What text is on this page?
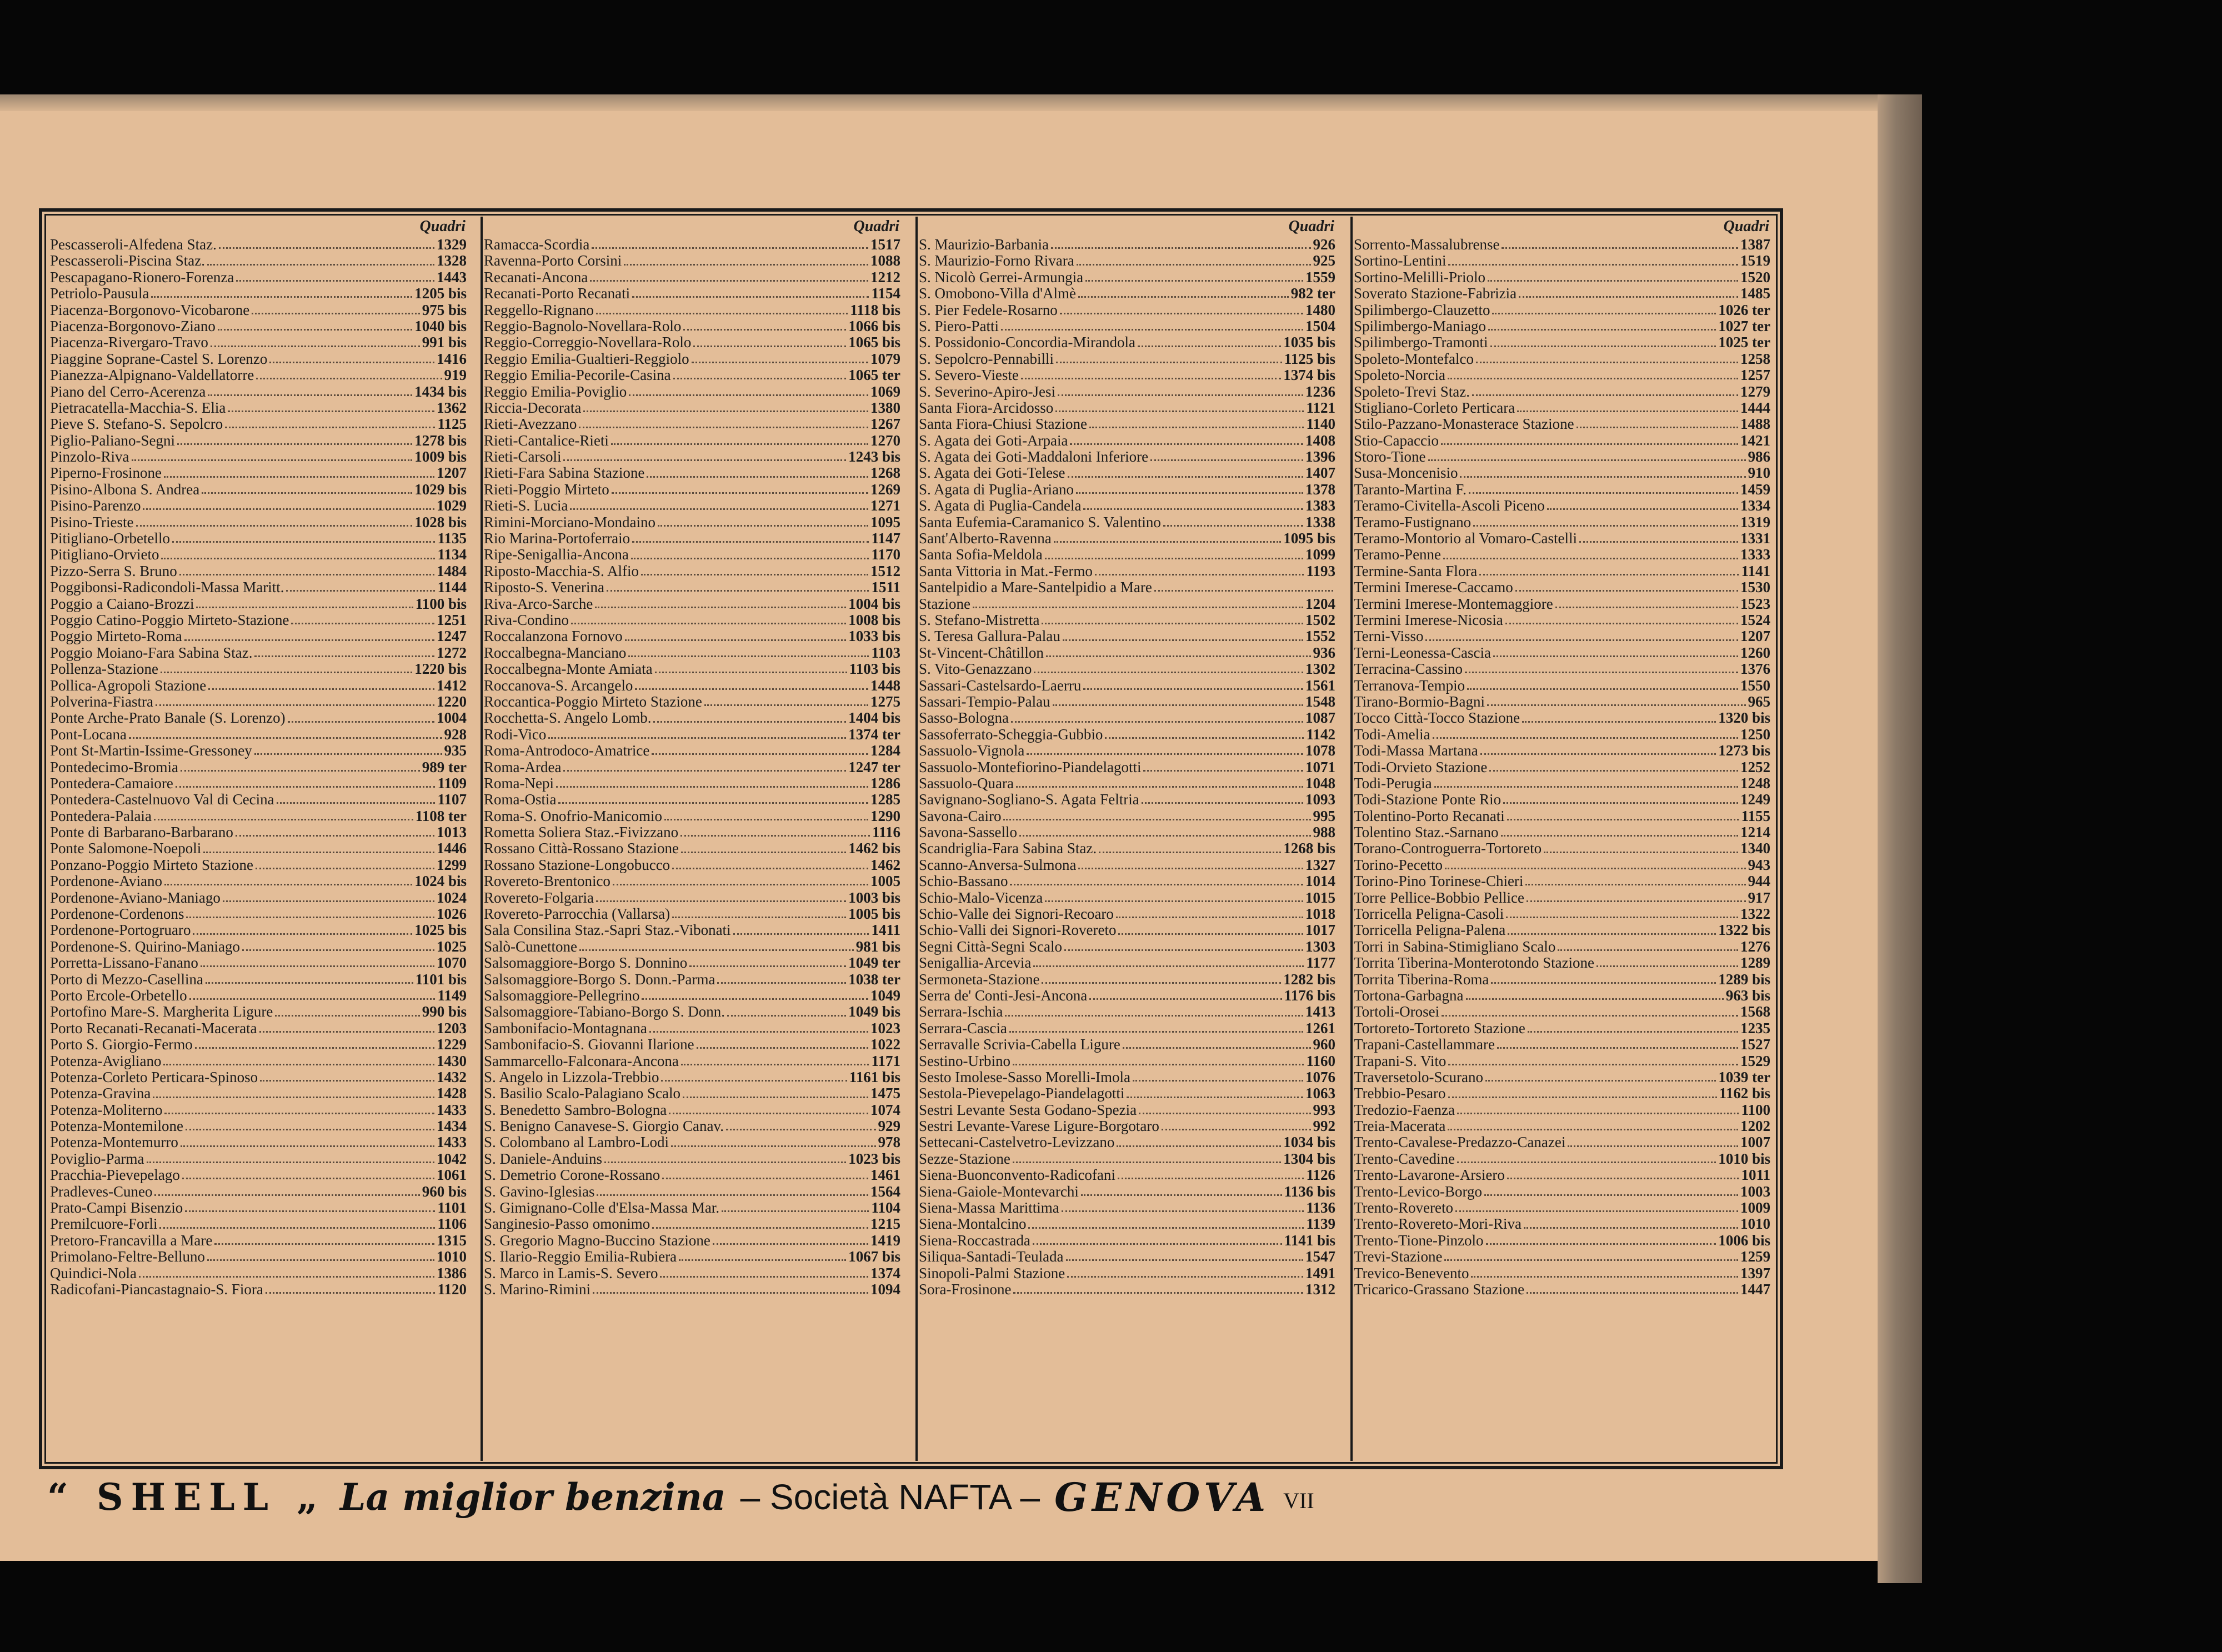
Quadri
Pescasseroli-Alfedena Staz.	1329
Pescasseroli-Piscina Staz.	1328
Pescapagano-Rionero-Forenza	1443
Petriolo-Pausula	1205 bis
Piacenza-Borgonovo-Vicobarone	975 bis
Piacenza-Borgonovo-Ziano	1040 bis
Piacenza-Rivergaro-Travo	991 bis
Piaggine Soprane-Castel S. Lorenzo	1416
Pianezza-Alpignano-Valdellatorre	919
Piano del Cerro-Acerenza	1434 bis
Pietracatella-Macchia-S. Elia	1362
Pieve S. Stefano-S. Sepolcro	1125
Piglio-Paliano-Segni	1278 bis
Pinzolo-Riva	1009 bis
Piperno-Frosinone	1207
Pisino-Albona S. Andrea	1029 bis
Pisino-Parenzo	1029
Pisino-Trieste	1028 bis
Pitigliano-Orbetello	1135
Pitigliano-Orvieto	1134
Pizzo-Serra S. Bruno	1484
Poggibonsi-Radicondoli-Massa Maritt.	1144
Poggio a Caiano-Brozzi	1100 bis
Poggio Catino-Poggio Mirteto-Stazione	1251
Poggio Mirteto-Roma	1247
Poggio Moiano-Fara Sabina Staz.	1272
Pollenza-Stazione	1220 bis
Pollica-Agropoli Stazione	1412
Polverina-Fiastra	1220
Ponte Arche-Prato Banale (S. Lorenzo)	1004
Pont-Locana	928
Pont St-Martin-Issime-Gressoney	935
Pontedecimo-Bromia	989 ter
Pontedera-Camaiore	1109
Pontedera-Castelnuovo Val di Cecina	1107
Pontedera-Palaia	1108 ter
Ponte di Barbarano-Barbarano	1013
Ponte Salomone-Noepoli	1446
Ponzano-Poggio Mirteto Stazione	1299
Pordenone-Aviano	1024 bis
Pordenone-Aviano-Maniago	1024
Pordenone-Cordenons	1026
Pordenone-Portogruaro	1025 bis
Pordenone-S. Quirino-Maniago	1025
Porretta-Lissano-Fanano	1070
Porto di Mezzo-Casellina	1101 bis
Porto Ercole-Orbetello	1149
Portofino Mare-S. Margherita Ligure	990 bis
Porto Recanati-Recanati-Macerata	1203
Porto S. Giorgio-Fermo	1229
Potenza-Avigliano	1430
Potenza-Corleto Perticara-Spinoso	1432
Potenza-Gravina	1428
Potenza-Moliterno	1433
Potenza-Montemilone	1434
Potenza-Montemurro	1433
Poviglio-Parma	1042
Pracchia-Pievepelago	1061
Pradleves-Cuneo	960 bis
Prato-Campi Bisenzio	1101
Premilcuore-Forli	1106
Pretoro-Francavilla a Mare	1315
Primolano-Feltre-Belluno	1010
Quindici-Nola	1386
Radicofani-Piancastagnaio-S. Fiora	1120
Quadri
Ramacca-Scordia	1517
Ravenna-Porto Corsini	1088
Recanati-Ancona	1212
Recanati-Porto Recanati	1154
Reggello-Rignano	1118 bis
Reggio-Bagnolo-Novellara-Rolo	1066 bis
Reggio-Correggio-Novellara-Rolo	1065 bis
Reggio Emilia-Gualtieri-Reggiolo	1079
Reggio Emilia-Pecorile-Casina	1065 ter
Reggio Emilia-Poviglio	1069
Riccia-Decorata	1380
Rieti-Avezzano	1267
Rieti-Cantalice-Rieti	1270
Rieti-Carsoli	1243 bis
Rieti-Fara Sabina Stazione	1268
Rieti-Poggio Mirteto	1269
Rieti-S. Lucia	1271
Rimini-Morciano-Mondaino	1095
Rio Marina-Portoferraio	1147
Ripe-Senigallia-Ancona	1170
Riposto-Macchia-S. Alfio	1512
Riposto-S. Venerina	1511
Riva-Arco-Sarche	1004 bis
Riva-Condino	1008 bis
Roccalanzona Fornovo	1033 bis
Roccalbegna-Manciano	1103
Roccalbegna-Monte Amiata	1103 bis
Roccanova-S. Arcangelo	1448
Roccantica-Poggio Mirteto Stazione	1275
Rocchetta-S. Angelo Lomb.	1404 bis
Rodi-Vico	1374 ter
Roma-Antrodoco-Amatrice	1284
Roma-Ardea	1247 ter
Roma-Nepi	1286
Roma-Ostia	1285
Roma-S. Onofrio-Manicomio	1290
Rometta Soliera Staz.-Fivizzano	1116
Rossano Città-Rossano Stazione	1462 bis
Rossano Stazione-Longobucco	1462
Rovereto-Brentonico	1005
Rovereto-Folgaria	1003 bis
Rovereto-Parrocchia (Vallarsa)	1005 bis
Sala Consilina Staz.-Sapri Staz.-Vibonati	1411
Salò-Cunettone	981 bis
Salsomaggiore-Borgo S. Donnino	1049 ter
Salsomaggiore-Borgo S. Donn.-Parma	1038 ter
Salsomaggiore-Pellegrino	1049
Salsomaggiore-Tabiano-Borgo S. Donn.	1049 bis
Sambonifacio-Montagnana	1023
Sambonifacio-S. Giovanni Ilarione	1022
Sammarcello-Falconara-Ancona	1171
S. Angelo in Lizzola-Trebbio	1161 bis
S. Basilio Scalo-Palagiano Scalo	1475
S. Benedetto Sambro-Bologna	1074
S. Benigno Canavese-S. Giorgio Canav.	929
S. Colombano al Lambro-Lodi	978
S. Daniele-Anduins	1023 bis
S. Demetrio Corone-Rossano	1461
S. Gavino-Iglesias	1564
S. Gimignano-Colle d'Elsa-Massa Mar.	1104
Sanginesio-Passo omonimo	1215
S. Gregorio Magno-Buccino Stazione	1419
S. Ilario-Reggio Emilia-Rubiera	1067 bis
S. Marco in Lamis-S. Severo	1374
S. Marino-Rimini	1094
Quadri
S. Maurizio-Barbania	926
S. Maurizio-Forno Rivara	925
S. Nicolò Gerrei-Armungia	1559
S. Omobono-Villa d'Almè	982 ter
S. Pier Fedele-Rosarno	1480
S. Piero-Patti	1504
S. Possidonio-Concordia-Mirandola	1035 bis
S. Sepolcro-Pennabilli	1125 bis
S. Severo-Vieste	1374 bis
S. Severino-Apiro-Jesi	1236
Santa Fiora-Arcidosso	1121
Santa Fiora-Chiusi Stazione	1140
S. Agata dei Goti-Arpaia	1408
S. Agata dei Goti-Maddaloni Inferiore	1396
S. Agata dei Goti-Telese	1407
S. Agata di Puglia-Ariano	1378
S. Agata di Puglia-Candela	1383
Santa Eufemia-Caramanico S. Valentino	1338
Sant'Alberto-Ravenna	1095 bis
Santa Sofia-Meldola	1099
Santa Vittoria in Mat.-Fermo	1193
Santelpidio a Mare-Santelpidio a Mare
Stazione	1204
S. Stefano-Mistretta	1502
S. Teresa Gallura-Palau	1552
St-Vincent-Châtillon	936
S. Vito-Genazzano	1302
Sassari-Castelsardo-Laerru	1561
Sassari-Tempio-Palau	1548
Sasso-Bologna	1087
Sassoferrato-Scheggia-Gubbio	1142
Sassuolo-Vignola	1078
Sassuolo-Montefiorino-Piandelagotti	1071
Sassuolo-Quara	1048
Savignano-Sogliano-S. Agata Feltria	1093
Savona-Cairo	995
Savona-Sassello	988
Scandriglia-Fara Sabina Staz.	1268 bis
Scanno-Anversa-Sulmona	1327
Schio-Bassano	1014
Schio-Malo-Vicenza	1015
Schio-Valle dei Signori-Recoaro	1018
Schio-Valli dei Signori-Rovereto	1017
Segni Città-Segni Scalo	1303
Senigallia-Arcevia	1177
Sermoneta-Stazione	1282 bis
Serra de' Conti-Jesi-Ancona	1176 bis
Serrara-Ischia	1413
Serrara-Cascia	1261
Serravalle Scrivia-Cabella Ligure	960
Sestino-Urbino	1160
Sesto Imolese-Sasso Morelli-Imola	1076
Sestola-Pievepelago-Piandelagotti	1063
Sestri Levante Sesta Godano-Spezia	993
Sestri Levante-Varese Ligure-Borgotaro	992
Settecani-Castelvetro-Levizzano	1034 bis
Sezze-Stazione	1304 bis
Siena-Buonconvento-Radicofani	1126
Siena-Gaiole-Montevarchi	1136 bis
Siena-Massa Marittima	1136
Siena-Montalcino	1139
Siena-Roccastrada	1141 bis
Siliqua-Santadi-Teulada	1547
Sinopoli-Palmi Stazione	1491
Sora-Frosinone	1312
Quadri
Sorrento-Massalubrense	1387
Sortino-Lentini	1519
Sortino-Melilli-Priolo	1520
Soverato Stazione-Fabrizia	1485
Spilimbergo-Clauzetto	1026 ter
Spilimbergo-Maniago	1027 ter
Spilimbergo-Tramonti	1025 ter
Spoleto-Montefalco	1258
Spoleto-Norcia	1257
Spoleto-Trevi Staz.	1279
Stigliano-Corleto Perticara	1444
Stilo-Pazzano-Monasterace Stazione	1488
Stio-Capaccio	1421
Storo-Tione	986
Susa-Moncenisio	910
Taranto-Martina F.	1459
Teramo-Civitella-Ascoli Piceno	1334
Teramo-Fustignano	1319
Teramo-Montorio al Vomaro-Castelli	1331
Teramo-Penne	1333
Termine-Santa Flora	1141
Termini Imerese-Caccamo	1530
Termini Imerese-Montemaggiore	1523
Termini Imerese-Nicosia	1524
Terni-Visso	1207
Terni-Leonessa-Cascia	1260
Terracina-Cassino	1376
Terranova-Tempio	1550
Tirano-Bormio-Bagni	965
Tocco Città-Tocco Stazione	1320 bis
Todi-Amelia	1250
Todi-Massa Martana	1273 bis
Todi-Orvieto Stazione	1252
Todi-Perugia	1248
Todi-Stazione Ponte Rio	1249
Tolentino-Porto Recanati	1155
Tolentino Staz.-Sarnano	1214
Torano-Controguerra-Tortoreto	1340
Torino-Pecetto	943
Torino-Pino Torinese-Chieri	944
Torre Pellice-Bobbio Pellice	917
Torricella Peligna-Casoli	1322
Torricella Peligna-Palena	1322 bis
Torri in Sabina-Stimigliano Scalo	1276
Torrita Tiberina-Monterotondo Stazione	1289
Torrita Tiberina-Roma	1289 bis
Tortona-Garbagna	963 bis
Tortoli-Orosei	1568
Tortoreto-Tortoreto Stazione	1235
Trapani-Castellammare	1527
Trapani-S. Vito	1529
Traversetolo-Scurano	1039 ter
Trebbio-Pesaro	1162 bis
Tredozio-Faenza	1100
Treia-Macerata	1202
Trento-Cavalese-Predazzo-Canazei	1007
Trento-Cavedine	1010 bis
Trento-Lavarone-Arsiero	1011
Trento-Levico-Borgo	1003
Trento-Rovereto	1009
Trento-Rovereto-Mori-Riva	1010
Trento-Tione-Pinzolo	1006 bis
Trevi-Stazione	1259
Trevico-Benevento	1397
Tricarico-Grassano Stazione	1447
“ SHELL „ La miglior benzina – Società NAFTA – GENOVA VII
